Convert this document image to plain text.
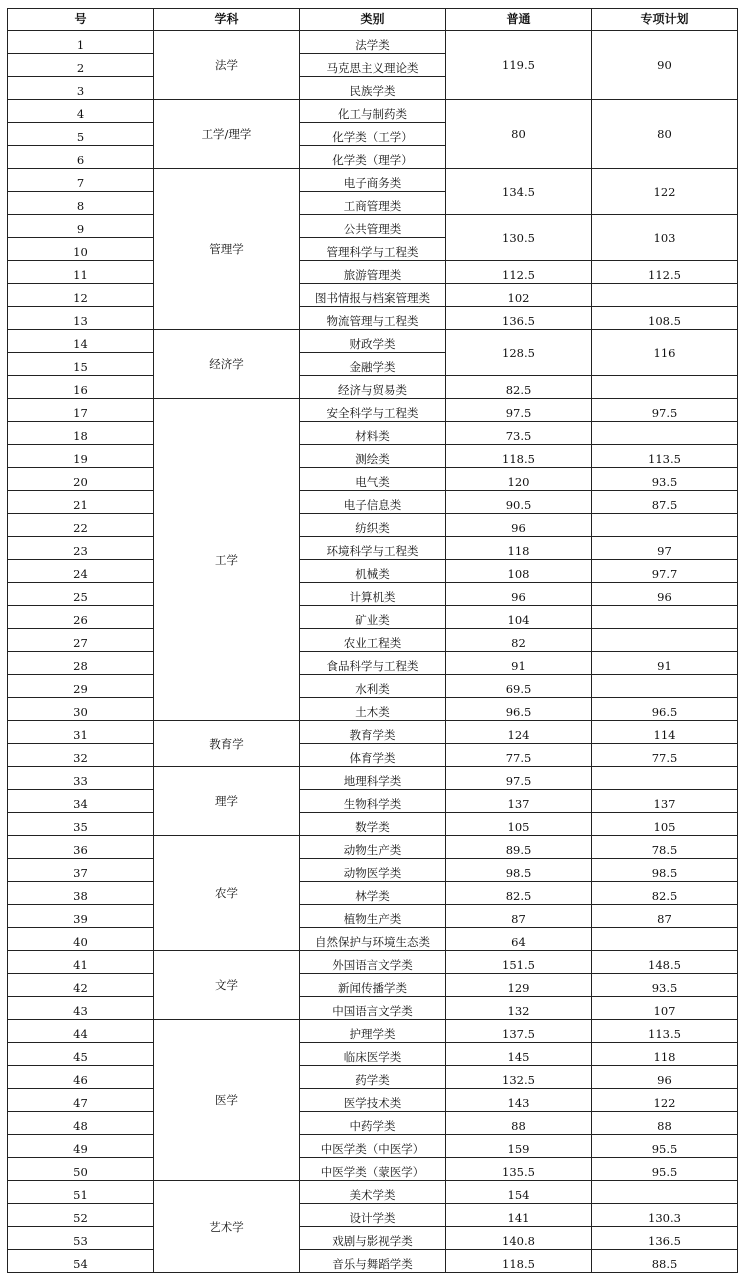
号	学科	类别	普通	专项计划
1	法学	法学类	119.5	90
2		马克思主义理论类		
3		民族学类		
4	工学/理学	化工与制药类	80	80
5		化学类（工学）		
6		化学类（理学）		
7	管理学	电子商务类	134.5	122
8		工商管理类		
9		公共管理类	130.5	103
10		管理科学与工程类		
11		旅游管理类	112.5	112.5
12		图书情报与档案管理类	102	
13		物流管理与工程类	136.5	108.5
14	经济学	财政学类	128.5	116
15		金融学类		
16		经济与贸易类	82.5	
17	工学	安全科学与工程类	97.5	97.5
18		材料类	73.5	
19		测绘类	118.5	113.5
20		电气类	120	93.5
21		电子信息类	90.5	87.5
22		纺织类	96	
23		环境科学与工程类	118	97
24		机械类	108	97.7
25		计算机类	96	96
26		矿业类	104	
27		农业工程类	82	
28		食品科学与工程类	91	91
29		水利类	69.5	
30		土木类	96.5	96.5
31	教育学	教育学类	124	114
32		体育学类	77.5	77.5
33	理学	地理科学类	97.5	
34		生物科学类	137	137
35		数学类	105	105
36	农学	动物生产类	89.5	78.5
37		动物医学类	98.5	98.5
38		林学类	82.5	82.5
39		植物生产类	87	87
40		自然保护与环境生态类	64	
41	文学	外国语言文学类	151.5	148.5
42		新闻传播学类	129	93.5
43		中国语言文学类	132	107
44	医学	护理学类	137.5	113.5
45		临床医学类	145	118
46		药学类	132.5	96
47		医学技术类	143	122
48		中药学类	88	88
49		中医学类（中医学）	159	95.5
50		中医学类（蒙医学）	135.5	95.5
51	艺术学	美术学类	154	
52		设计学类	141	130.3
53		戏剧与影视学类	140.8	136.5
54		音乐与舞蹈学类	118.5	88.5
